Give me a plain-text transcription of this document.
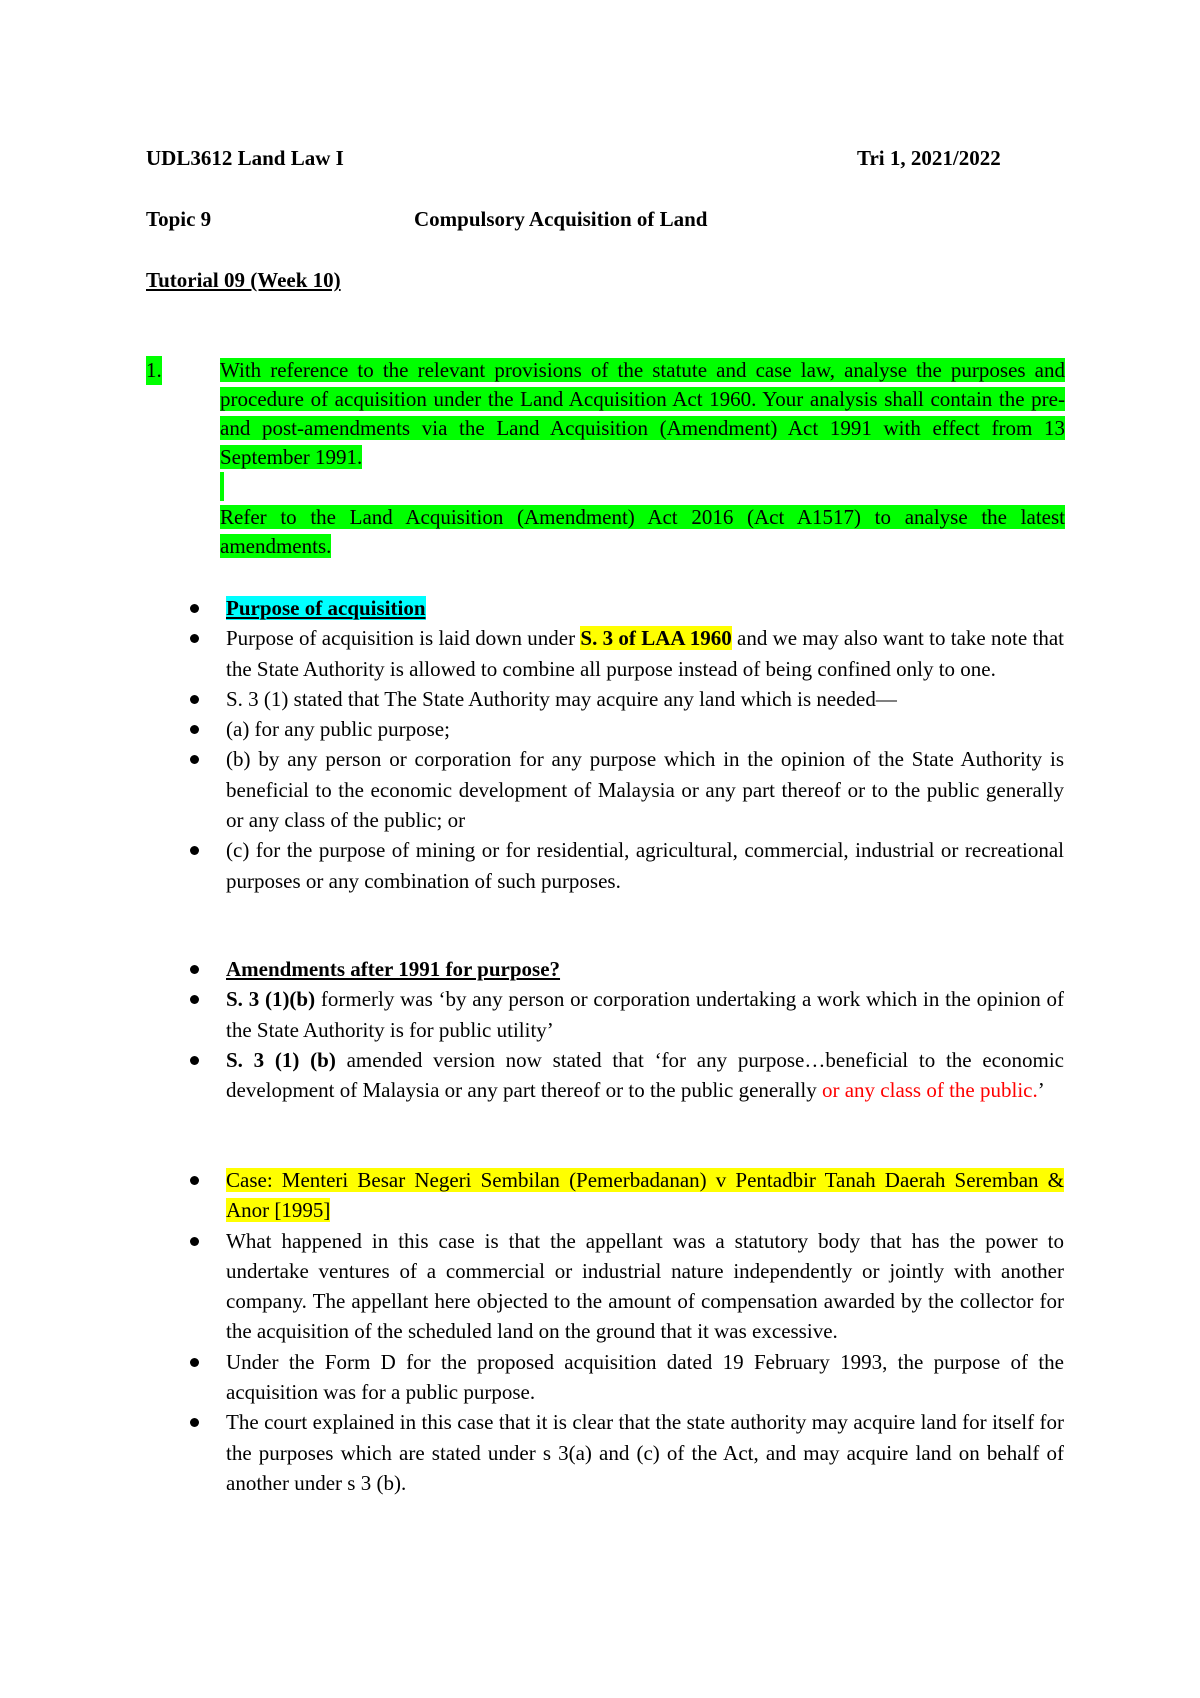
UDL3612 Land Law I	Tri 1, 2021/2022
Topic 9	Compulsory Acquisition of Land
Tutorial 09 (Week 10)
1.	With reference to the relevant provisions of the statute and case law, analyse the purposes and procedure of acquisition under the Land Acquisition Act 1960. Your analysis shall contain the pre- and post-amendments via the Land Acquisition (Amendment) Act 1991 with effect from 13 September 1991.
Refer to the Land Acquisition (Amendment) Act 2016 (Act A1517) to analyse the latest amendments.
Purpose of acquisition
Purpose of acquisition is laid down under S. 3 of LAA 1960 and we may also want to take note that the State Authority is allowed to combine all purpose instead of being confined only to one.
S. 3 (1) stated that The State Authority may acquire any land which is needed—
(a) for any public purpose;
(b) by any person or corporation for any purpose which in the opinion of the State Authority is beneficial to the economic development of Malaysia or any part thereof or to the public generally or any class of the public; or
(c) for the purpose of mining or for residential, agricultural, commercial, industrial or recreational purposes or any combination of such purposes.
Amendments after 1991 for purpose?
S. 3 (1)(b) formerly was ‘by any person or corporation undertaking a work which in the opinion of the State Authority is for public utility’
S. 3 (1) (b) amended version now stated that ‘for any purpose…beneficial to the economic development of Malaysia or any part thereof or to the public generally or any class of the public.’
Case: Menteri Besar Negeri Sembilan (Pemerbadanan) v Pentadbir Tanah Daerah Seremban & Anor [1995]
What happened in this case is that the appellant was a statutory body that has the power to undertake ventures of a commercial or industrial nature independently or jointly with another company. The appellant here objected to the amount of compensation awarded by the collector for the acquisition of the scheduled land on the ground that it was excessive.
Under the Form D for the proposed acquisition dated 19 February 1993, the purpose of the acquisition was for a public purpose.
The court explained in this case that it is clear that the state authority may acquire land for itself for the purposes which are stated under s 3(a) and (c) of the Act, and may acquire land on behalf of another under s 3 (b).
